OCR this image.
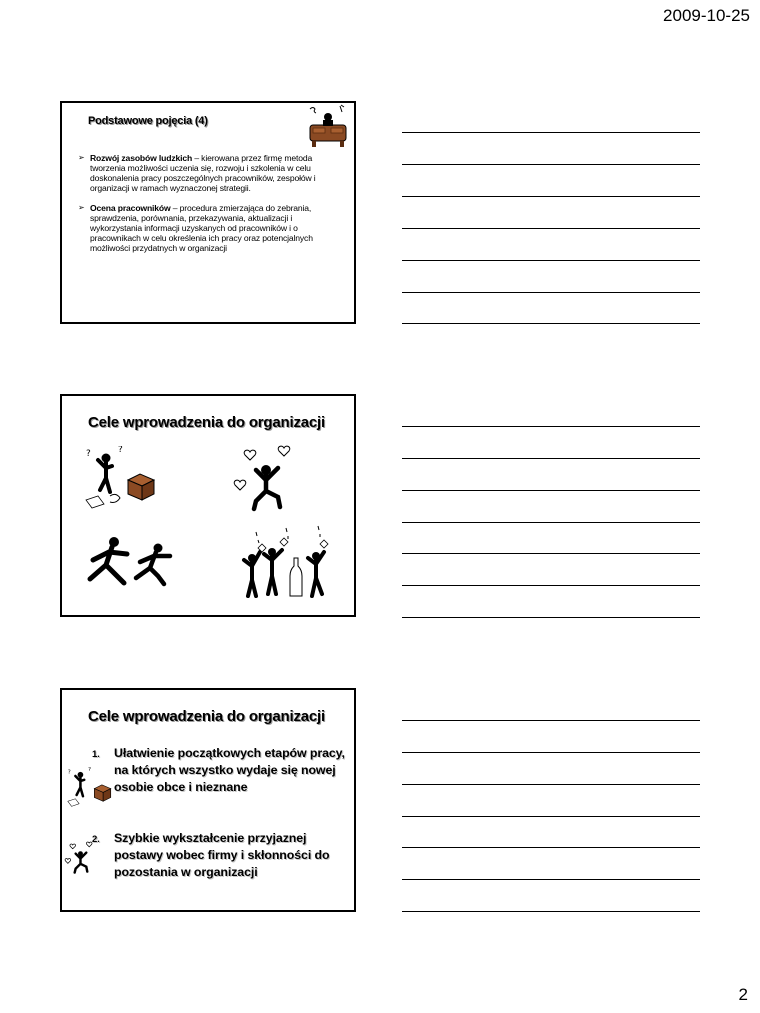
2009-10-25
Podstawowe pojęcia (4)
➢ Rozwój zasobów ludzkich – kierowana przez firmę metoda tworzenia możliwości uczenia się, rozwoju i szkolenia w celu doskonalenia pracy poszczególnych pracowników, zespołów i organizacji w ramach wyznaczonej strategii.
➢ Ocena pracowników – procedura zmierzająca do zebrania, sprawdzenia, porównania, przekazywania, aktualizacji i wykorzystania informacji uzyskanych od pracowników i o pracownikach w celu określenia ich pracy oraz potencjalnych możliwości przydatnych w organizacji
Cele wprowadzenia do organizacji
?	?
Cele wprowadzenia do organizacji
1. Ułatwienie początkowych etapów pracy, na których wszystko wydaje się nowej osobie obce i nieznane
2. Szybkie wykształcenie przyjaznej postawy wobec firmy i skłonności do pozostania w organizacji
? ?
2
